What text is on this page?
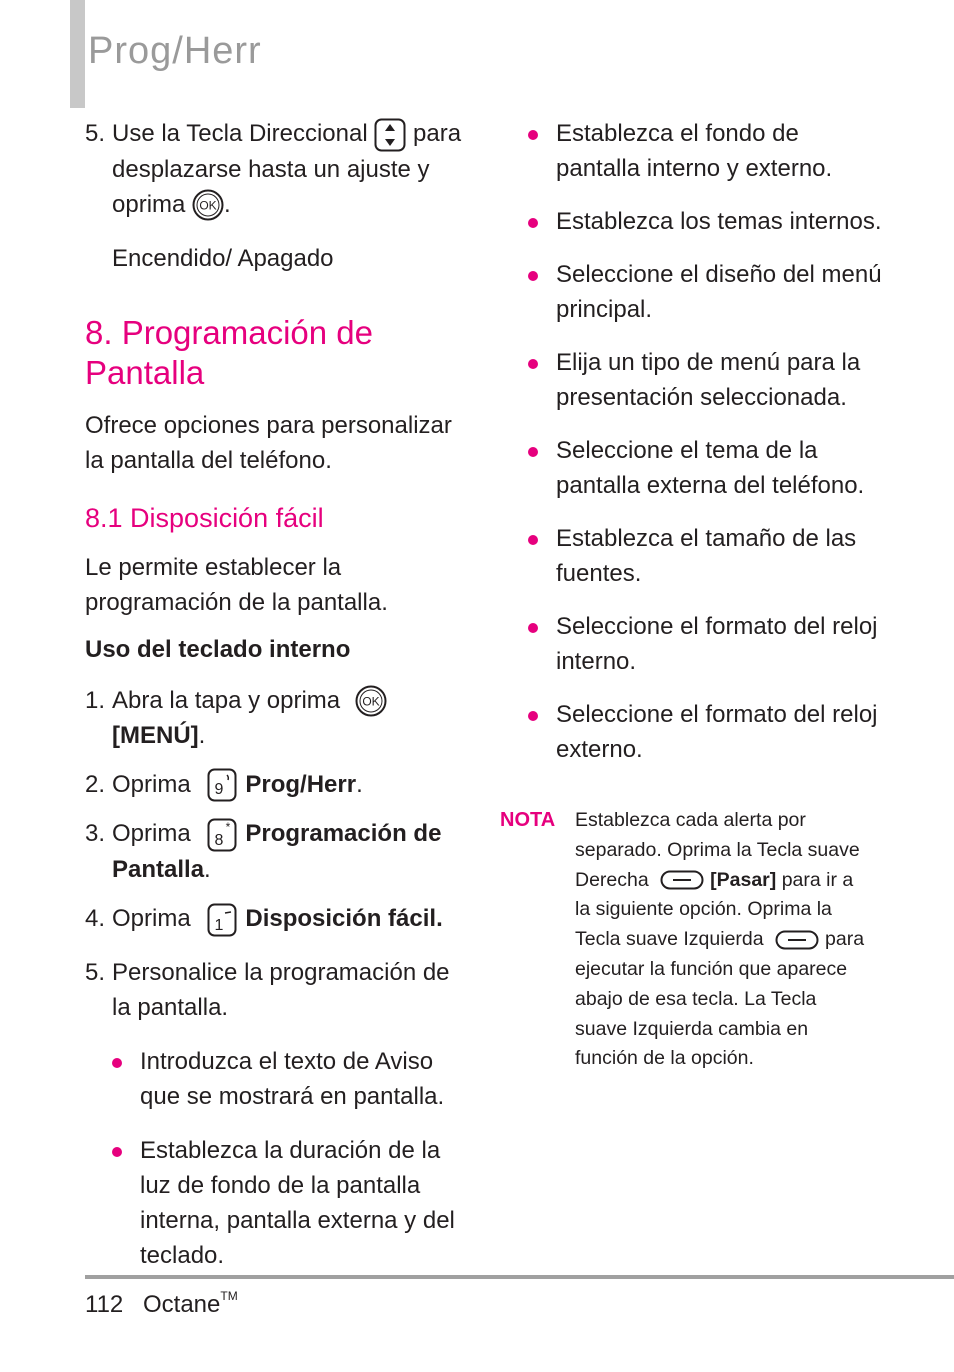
Prog/Herr
5. Use la Tecla Direccional para desplazarse hasta un ajuste y oprima OK .
Encendido/ Apagado
8. Programación de
Pantalla
Ofrece opciones para personalizar la pantalla del teléfono.
8.1 Disposición fácil
Le permite establecer la programación de la pantalla.
Uso del teclado interno
1. Abra la tapa y oprima OK

[MENÚ].
2. Oprima 9 Prog/Herr.
3. Oprima 8
* Programación de Pantalla.
4. Oprima 1 Disposición fácil.
5. Personalice la programación de la pantalla.
Introduzca el texto de Aviso que se mostrará en pantalla.
Establezca la duración de la luz de fondo de la pantalla interna, pantalla externa y del teclado.
Establezca el fondo de pantalla interno y externo.
Establezca los temas internos.
Seleccione el diseño del menú principal.
Elija un tipo de menú para la presentación seleccionada.
Seleccione el tema de la pantalla externa del teléfono.
Establezca el tamaño de las fuentes.
Seleccione el formato del reloj interno.
Seleccione el formato del reloj externo.
NOTA Establezca cada alerta por separado. Oprima la Tecla suave Derecha	[Pasar] para ir a la siguiente opción. Oprima la Tecla suave Izquierda	para ejecutar la función que aparece abajo de esa tecla. La Tecla suave Izquierda cambia en función de la opción.
112 Octane™
